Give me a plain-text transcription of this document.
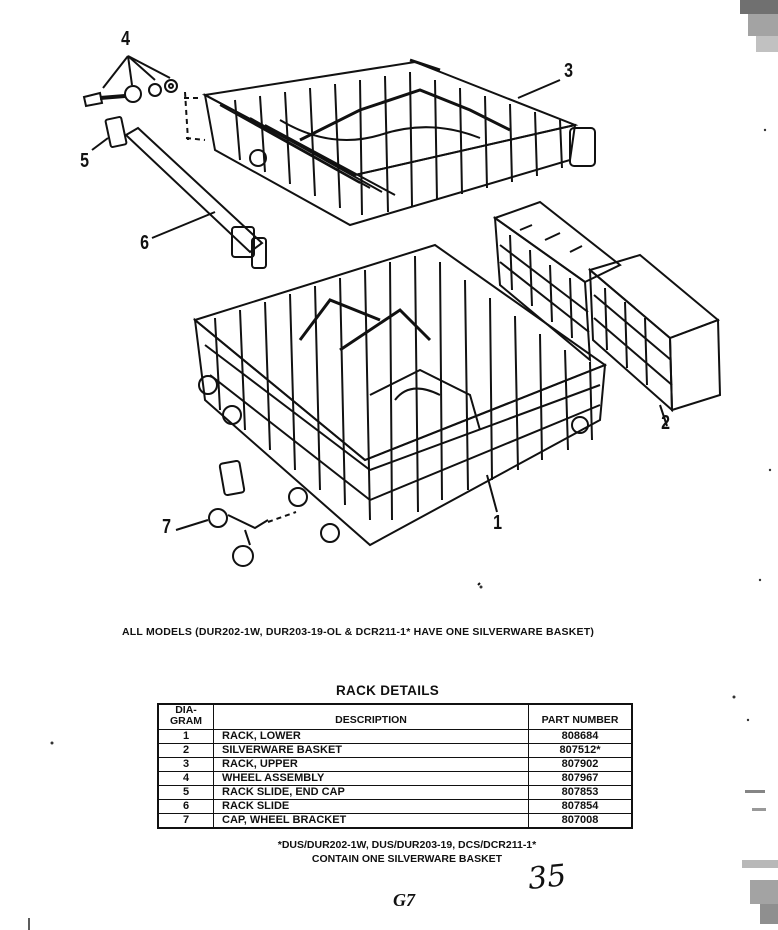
4
3
5
6
2
7	1
ALL MODELS (DUR202-1W, DUR203-19-OL & DCR211-1* HAVE ONE SILVERWARE BASKET)
RACK DETAILS
DIA-
GRAM	DESCRIPTION	PART NUMBER
1	RACK, LOWER	808684
2	SILVERWARE BASKET	807512*
3	RACK, UPPER	807902
4	WHEEL ASSEMBLY	807967
5	RACK SLIDE, END CAP	807853
6	RACK SLIDE	807854
7	CAP, WHEEL BRACKET	807008
*DUS/DUR202-1W, DUS/DUR203-19, DCS/DCR211-1*
CONTAIN ONE SILVERWARE BASKET 35
G7
